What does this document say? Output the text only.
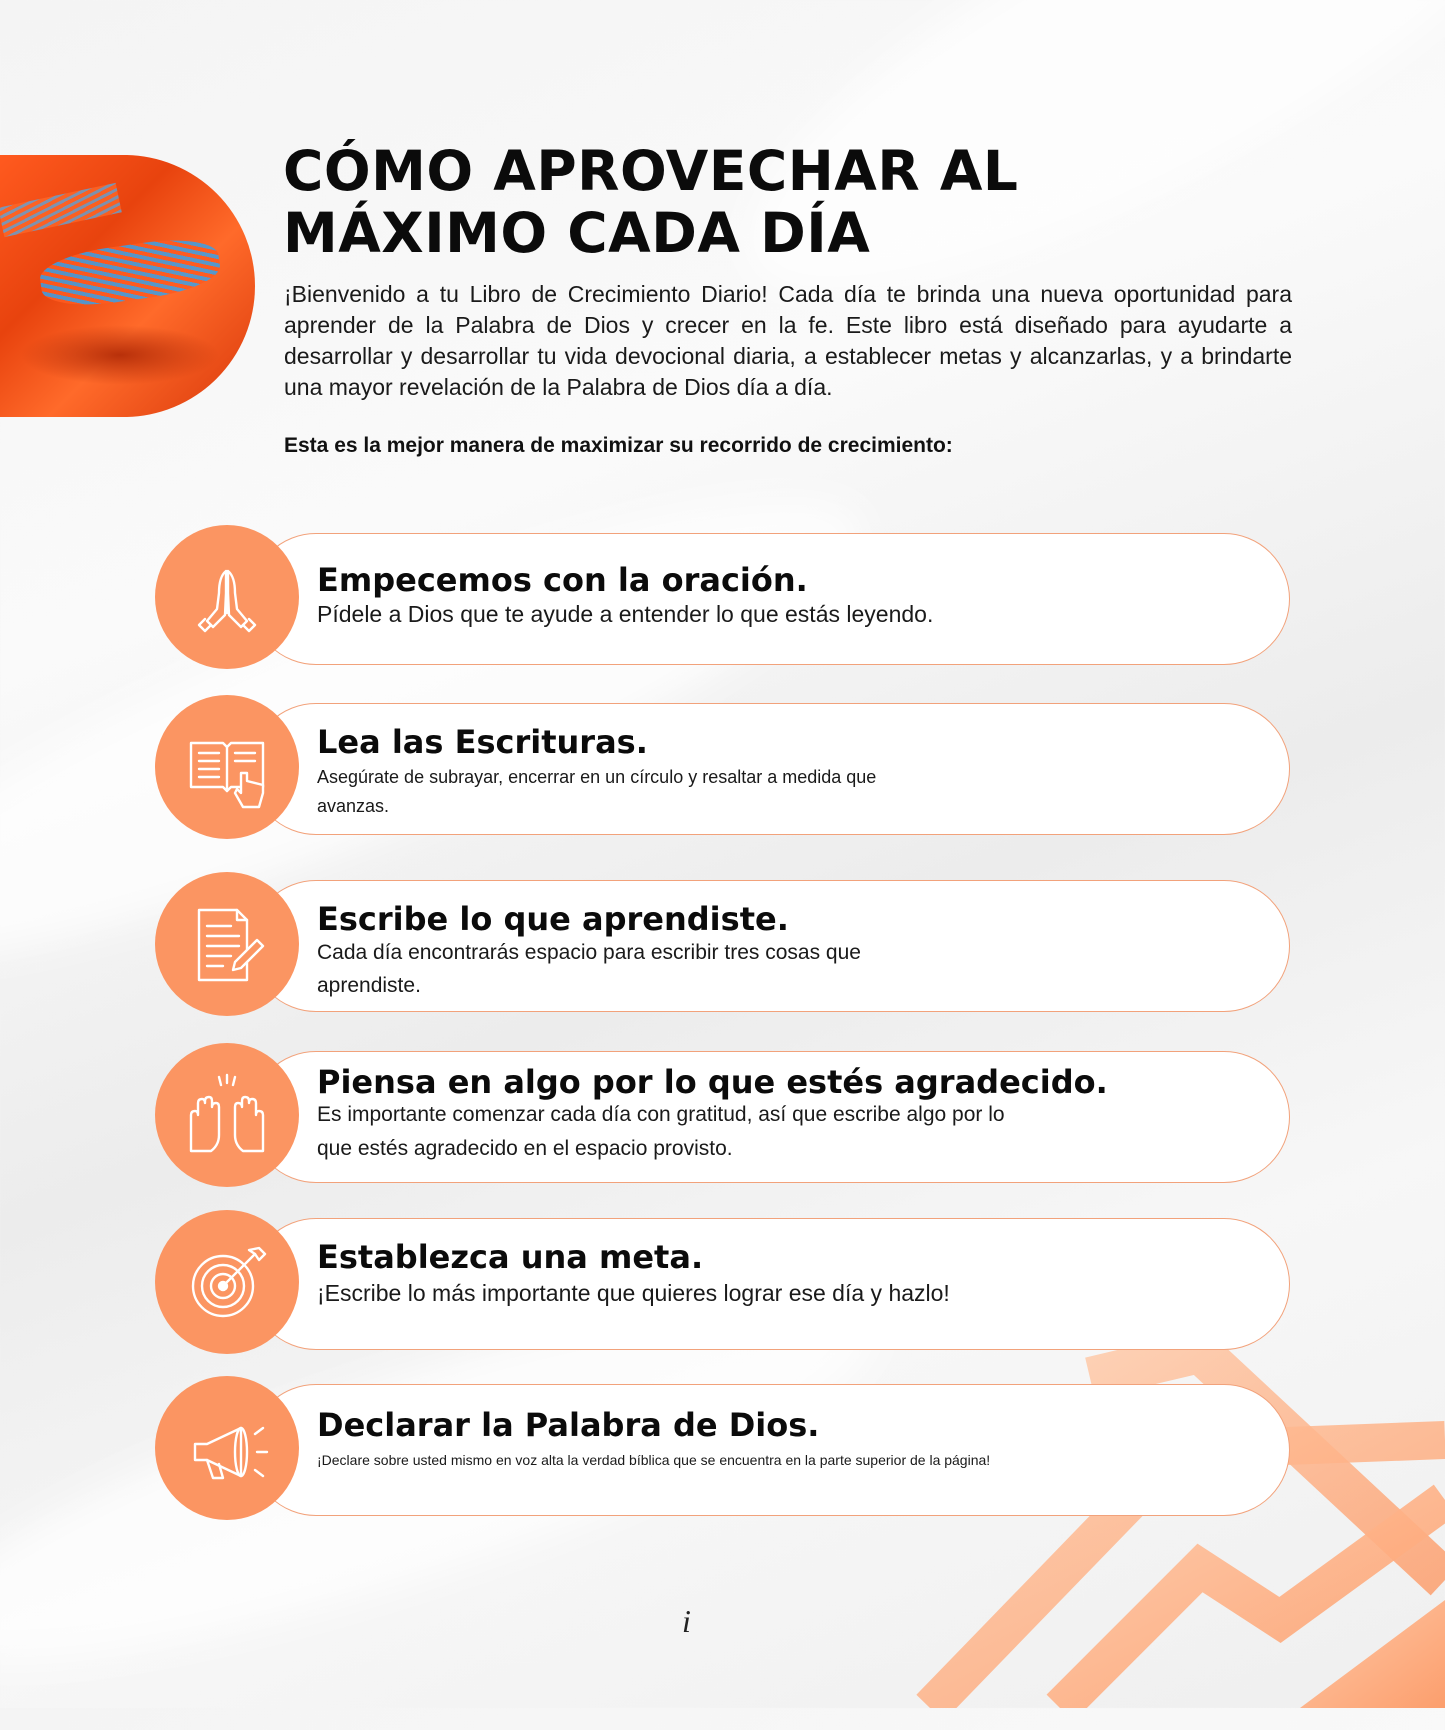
CÓMO APROVECHAR AL
MÁXIMO CADA DÍA

¡Bienvenido a tu Libro de Crecimiento Diario! Cada día te brinda una nueva oportunidad para aprender de la Palabra de Dios y crecer en la fe. Este libro está diseñado para ayudarte a desarrollar y desarrollar tu vida devocional diaria, a establecer metas y alcanzarlas, y a brindarte una mayor revelación de la Palabra de Dios día a día.

Esta es la mejor manera de maximizar su recorrido de crecimiento:

Empecemos con la oración.

Pídele a Dios que te ayude a entender lo que estás leyendo.

Lea las Escrituras.

Asegúrate de subrayar, encerrar en un círculo y resaltar a medida que avanzas.

Escribe lo que aprendiste.

Cada día encontrarás espacio para escribir tres cosas que aprendiste.

Piensa en algo por lo que estés agradecido.

Es importante comenzar cada día con gratitud, así que escribe algo por lo que estés agradecido en el espacio provisto.

Establezca una meta.

¡Escribe lo más importante que quieres lograr ese día y hazlo!

Declarar la Palabra de Dios.

¡Declare sobre usted mismo en voz alta la verdad bíblica que se encuentra en la parte superior de la página!

i
